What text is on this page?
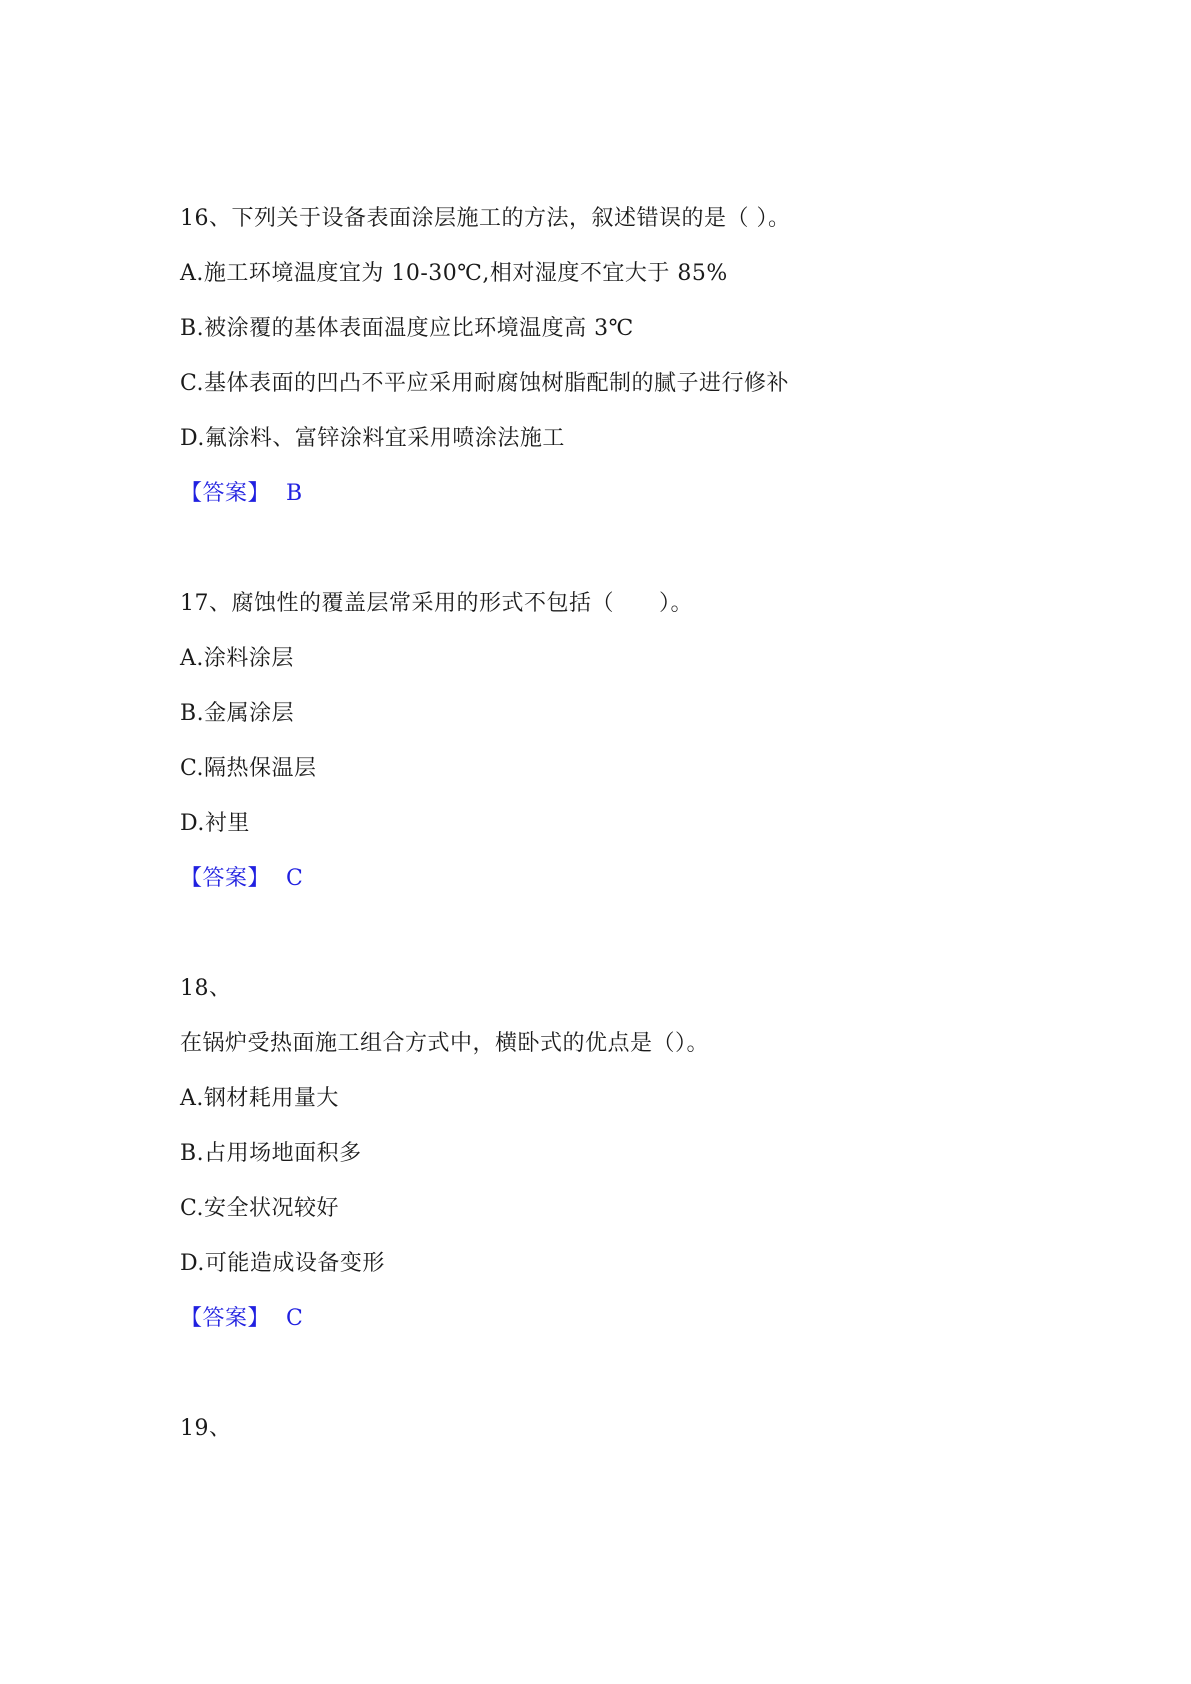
16、下列关于设备表面涂层施工的方法，叙述错误的是（ ）。
A.施工环境温度宜为 10-30℃,相对湿度不宜大于 85%
B.被涂覆的基体表面温度应比环境温度高 3℃
C.基体表面的凹凸不平应采用耐腐蚀树脂配制的腻子进行修补
D.氟涂料、富锌涂料宜采用喷涂法施工
【答案】 B
17、腐蚀性的覆盖层常采用的形式不包括（　　）。
A.涂料涂层
B.金属涂层
C.隔热保温层
D.衬里
【答案】 C
18、
在锅炉受热面施工组合方式中，横卧式的优点是（）。
A.钢材耗用量大
B.占用场地面积多
C.安全状况较好
D.可能造成设备变形
【答案】 C
19、
